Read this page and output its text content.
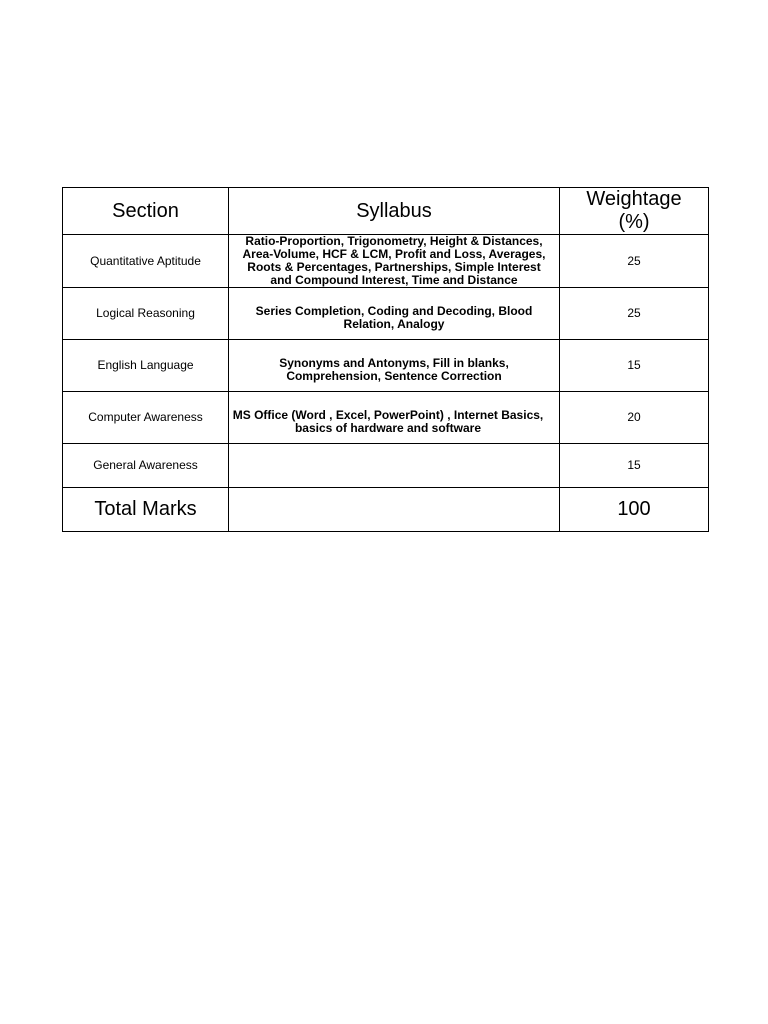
Section	Syllabus	Weightage (%)
Quantitative Aptitude	Ratio-Proportion, Trigonometry, Height & Distances, Area-Volume, HCF & LCM, Profit and Loss, Averages, Roots & Percentages, Partnerships, Simple Interest and Compound Interest, Time and Distance	25
Logical Reasoning	Series Completion, Coding and Decoding, Blood Relation, Analogy	25
English Language	Synonyms and Antonyms, Fill in blanks, Comprehension, Sentence Correction	15
Computer Awareness	MS Office (Word , Excel, PowerPoint) , Internet Basics, basics of hardware and software	20
General Awareness		15
Total Marks		100
